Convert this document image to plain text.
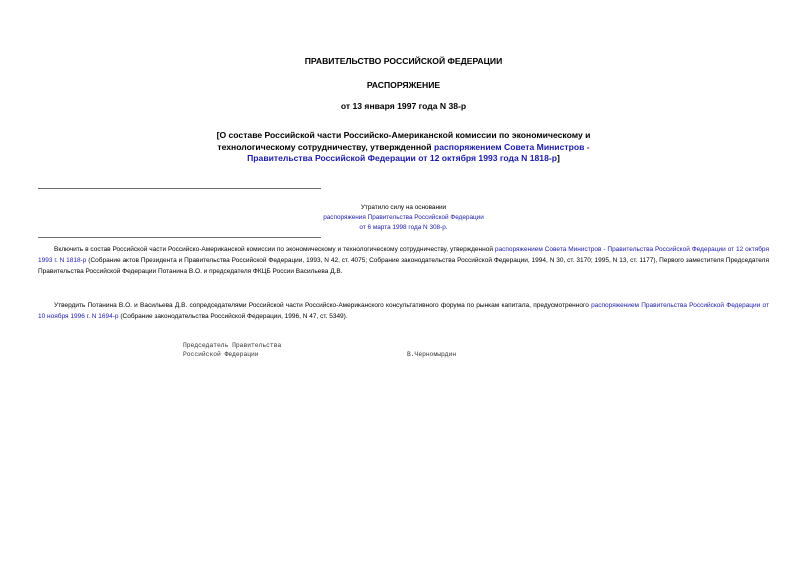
ПРАВИТЕЛЬСТВО РОССИЙСКОЙ ФЕДЕРАЦИИ
РАСПОРЯЖЕНИЕ
от 13 января 1997 года N 38-р
[О составе Российской части Российско-Американской комиссии по экономическому и технологическому сотрудничеству, утвержденной распоряжением Совета Министров - Правительства Российской Федерации от 12 октября 1993 года N 1818-р]
Утратило силу на основании
распоряжения Правительства Российской Федерации
от 6 марта 1998 года N 308-р.
Включить в состав Российской части Российско-Американской комиссии по экономическому и технологическому сотрудничеству, утвержденной распоряжением Совета Министров - Правительства Российской Федерации от 12 октября 1993 г. N 1818-р (Собрание актов Президента и Правительства Российской Федерации, 1993, N 42, ст. 4075; Собрание законодательства Российской Федерации, 1994, N 30, ст. 3170; 1995, N 13, ст. 1177), Первого заместителя Председателя Правительства Российской Федерации Потанина В.О. и председателя ФКЦБ России Васильева Д.В.
Утвердить Потанина В.О. и Васильева Д.В. сопредседателями Российской части Российско-Американского консультативного форума по рынкам капитала, предусмотренного распоряжением Правительства Российской Федерации от 10 ноября 1996 г. N 1694-р (Собрание законодательства Российской Федерации, 1996, N 47, ст. 5349).
Председатель Правительства
Российской Федерации	В.Черномырдин
